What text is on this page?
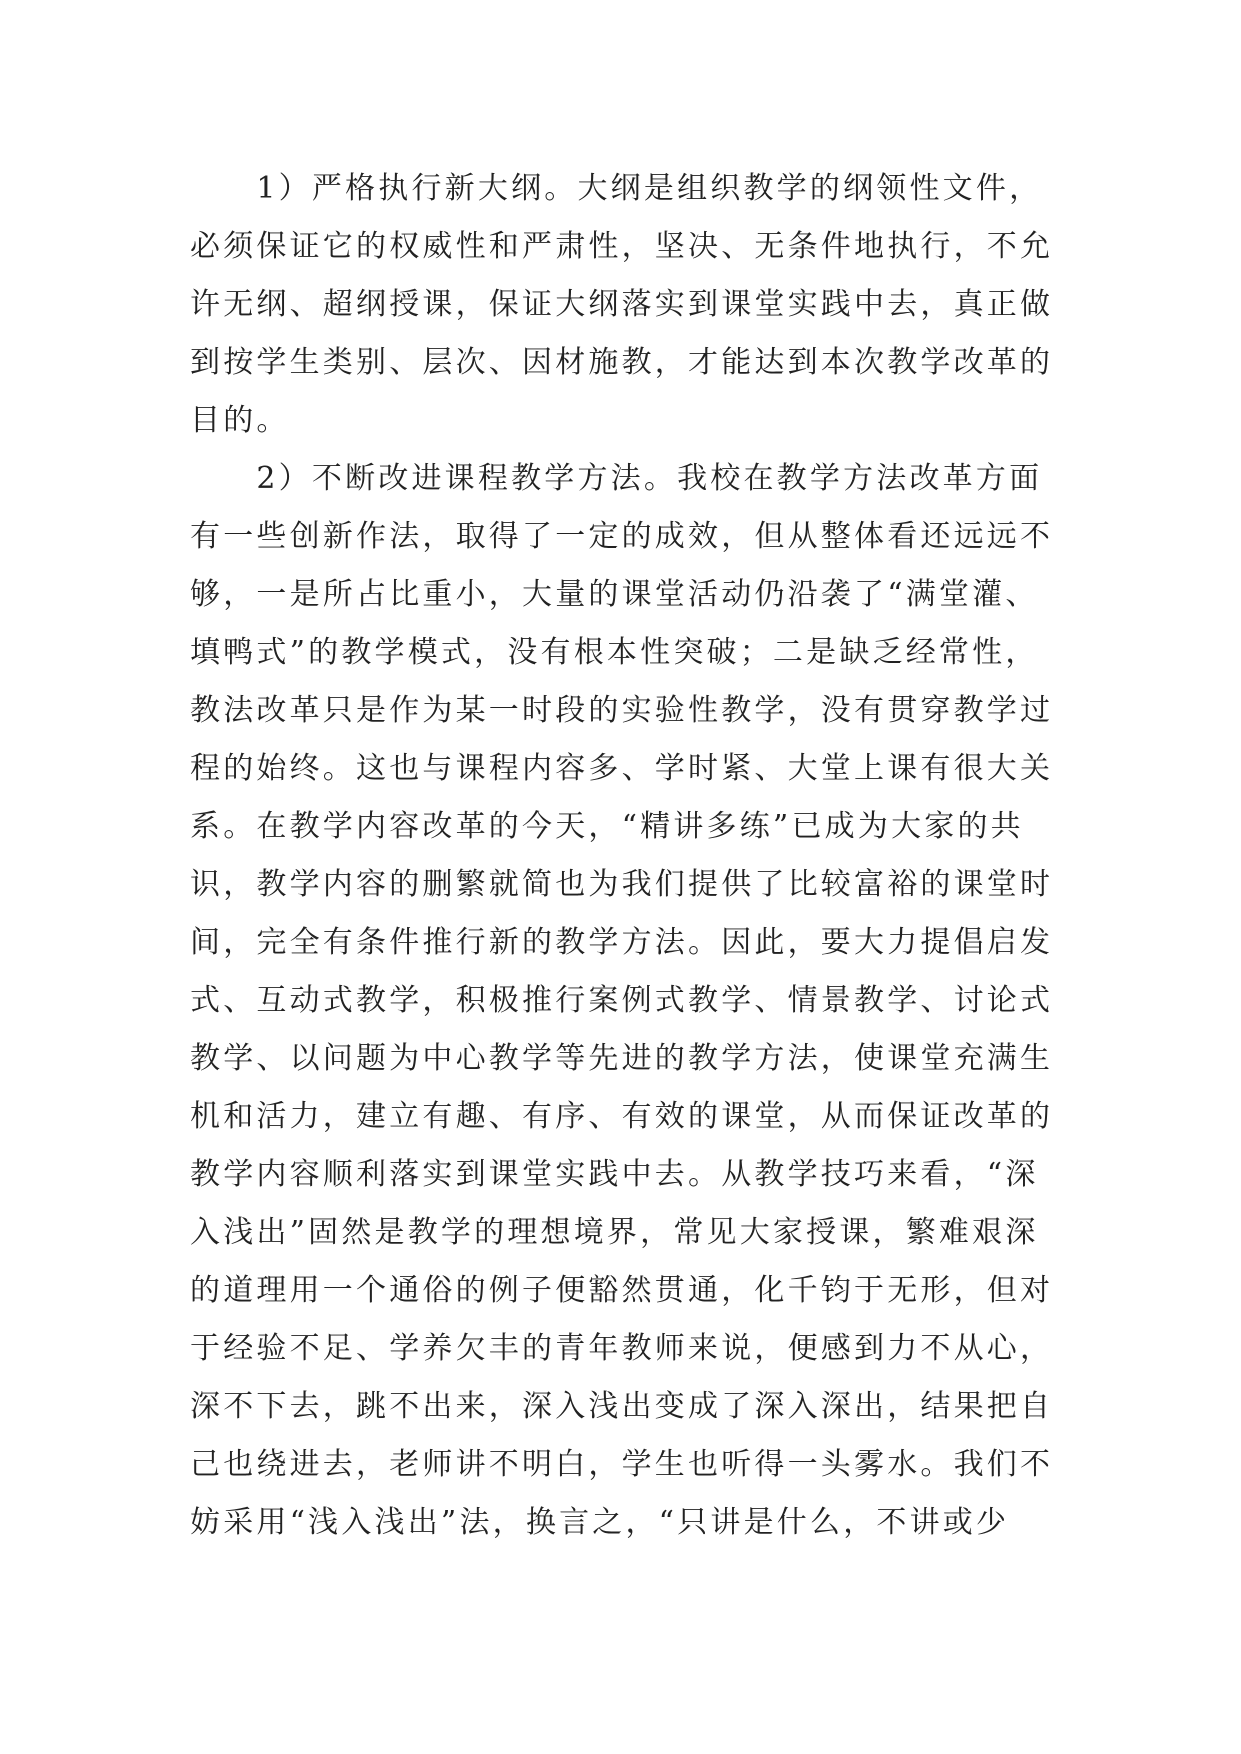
　　1）严格执行新大纲。大纲是组织教学的纲领性文件，
必须保证它的权威性和严肃性，坚决、无条件地执行，不允
许无纲、超纲授课，保证大纲落实到课堂实践中去，真正做
到按学生类别、层次、因材施教，才能达到本次教学改革的
目的。
　　2）不断改进课程教学方法。我校在教学方法改革方面
有一些创新作法，取得了一定的成效，但从整体看还远远不
够，一是所占比重小，大量的课堂活动仍沿袭了“满堂灌、
填鸭式”的教学模式，没有根本性突破；二是缺乏经常性，
教法改革只是作为某一时段的实验性教学，没有贯穿教学过
程的始终。这也与课程内容多、学时紧、大堂上课有很大关
系。在教学内容改革的今天，“精讲多练”已成为大家的共
识，教学内容的删繁就简也为我们提供了比较富裕的课堂时
间，完全有条件推行新的教学方法。因此，要大力提倡启发
式、互动式教学，积极推行案例式教学、情景教学、讨论式
教学、以问题为中心教学等先进的教学方法，使课堂充满生
机和活力，建立有趣、有序、有效的课堂，从而保证改革的
教学内容顺利落实到课堂实践中去。从教学技巧来看，“深
入浅出”固然是教学的理想境界，常见大家授课，繁难艰深
的道理用一个通俗的例子便豁然贯通，化千钧于无形，但对
于经验不足、学养欠丰的青年教师来说，便感到力不从心，
深不下去，跳不出来，深入浅出变成了深入深出，结果把自
己也绕进去，老师讲不明白，学生也听得一头雾水。我们不
妨采用“浅入浅出”法，换言之，“只讲是什么，不讲或少
